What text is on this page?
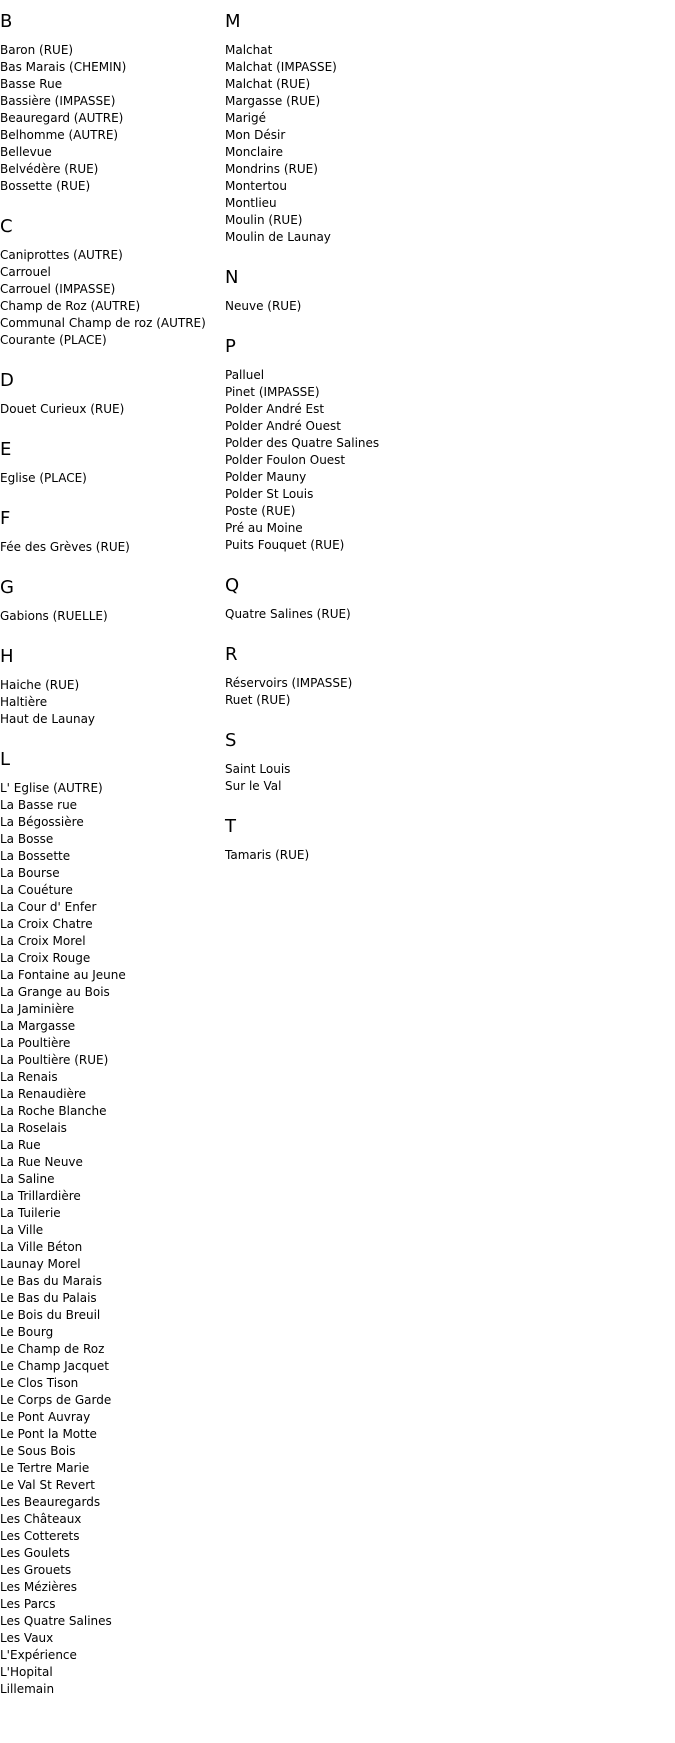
B
Baron (RUE)
Bas Marais (CHEMIN)
Basse Rue
Bassière (IMPASSE)
Beauregard (AUTRE)
Belhomme (AUTRE)
Bellevue
Belvédère (RUE)
Bossette (RUE)
C
Caniprottes (AUTRE)
Carrouel
Carrouel (IMPASSE)
Champ de Roz (AUTRE)
Communal Champ de roz (AUTRE)
Courante (PLACE)
D
Douet Curieux (RUE)
E
Eglise (PLACE)
F
Fée des Grèves (RUE)
G
Gabions (RUELLE)
H
Haiche (RUE)
Haltière
Haut de Launay
L
L' Eglise (AUTRE)
La Basse rue
La Bégossière
La Bosse
La Bossette
La Bourse
La Couéture
La Cour d' Enfer
La Croix Chatre
La Croix Morel
La Croix Rouge
La Fontaine au Jeune
La Grange au Bois
La Jaminière
La Margasse
La Poultière
La Poultière (RUE)
La Renais
La Renaudière
La Roche Blanche
La Roselais
La Rue
La Rue Neuve
La Saline
La Trillardière
La Tuilerie
La Ville
La Ville Béton
Launay Morel
Le Bas du Marais
Le Bas du Palais
Le Bois du Breuil
Le Bourg
Le Champ de Roz
Le Champ Jacquet
Le Clos Tison
Le Corps de Garde
Le Pont Auvray
Le Pont la Motte
Le Sous Bois
Le Tertre Marie
Le Val St Revert
Les Beauregards
Les Châteaux
Les Cotterets
Les Goulets
Les Grouets
Les Mézières
Les Parcs
Les Quatre Salines
Les Vaux
L'Expérience
L'Hopital
Lillemain
M
Malchat
Malchat (IMPASSE)
Malchat (RUE)
Margasse (RUE)
Marigé
Mon Désir
Monclaire
Mondrins (RUE)
Montertou
Montlieu
Moulin (RUE)
Moulin de Launay
N
Neuve (RUE)
P
Palluel
Pinet (IMPASSE)
Polder André Est
Polder André Ouest
Polder des Quatre Salines
Polder Foulon Ouest
Polder Mauny
Polder St Louis
Poste (RUE)
Pré au Moine
Puits Fouquet (RUE)
Q
Quatre Salines (RUE)
R
Réservoirs (IMPASSE)
Ruet (RUE)
S
Saint Louis
Sur le Val
T
Tamaris (RUE)
